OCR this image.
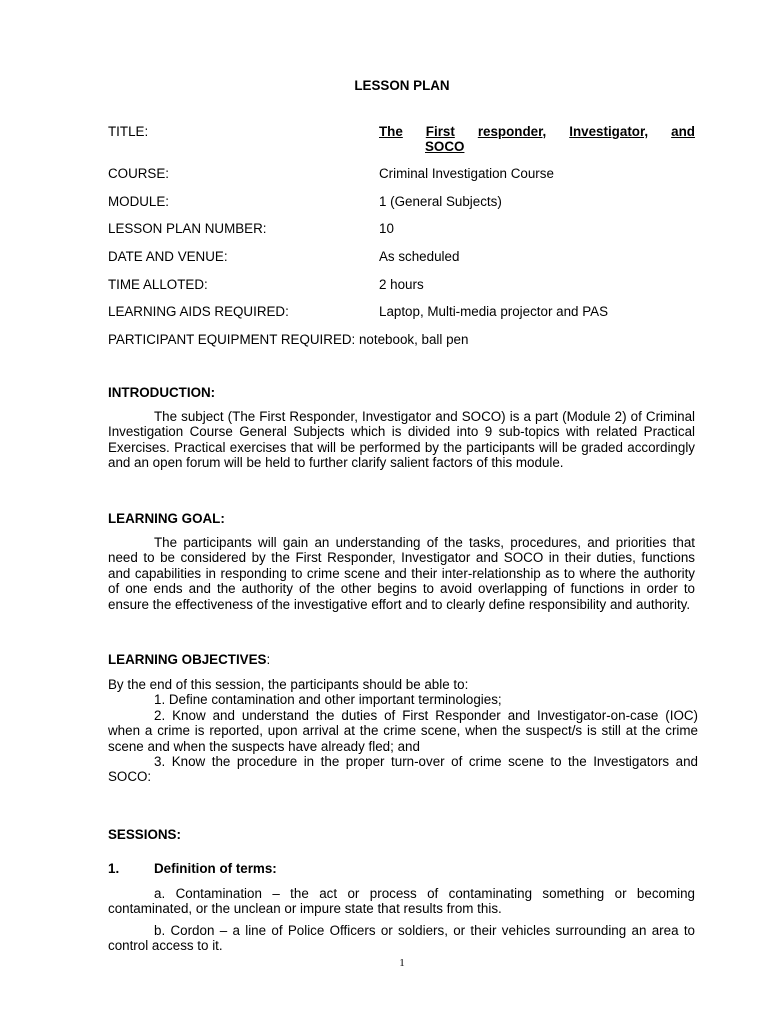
LESSON PLAN
TITLE:	The First responder, Investigator, and
SOCO
COURSE:	Criminal Investigation Course
MODULE:	1 (General Subjects)
LESSON PLAN NUMBER:	10
DATE AND VENUE:	As scheduled
TIME ALLOTED:	2 hours
LEARNING AIDS REQUIRED:	Laptop, Multi-media projector and PAS
PARTICIPANT EQUIPMENT REQUIRED: notebook, ball pen
INTRODUCTION:

The subject (The First Responder, Investigator and SOCO) is a part (Module 2) of Criminal Investigation Course General Subjects which is divided into 9 sub-topics with related Practical Exercises. Practical exercises that will be performed by the participants will be graded accordingly and an open forum will be held to further clarify salient factors of this module.

LEARNING GOAL:

The participants will gain an understanding of the tasks, procedures, and priorities that need to be considered by the First Responder, Investigator and SOCO in their duties, functions and capabilities in responding to crime scene and their inter-relationship as to where the authority of one ends and the authority of the other begins to avoid overlapping of functions in order to ensure the effectiveness of the investigative effort and to clearly define responsibility and authority.

LEARNING OBJECTIVES:
By the end of this session, the participants should be able to:
1. Define contamination and other important terminologies;
2. Know and understand the duties of First Responder and Investigator-on-case (IOC) when a crime is reported, upon arrival at the crime scene, when the suspect/s is still at the crime scene and when the suspects have already fled; and
3. Know the procedure in the proper turn-over of crime scene to the Investigators and SOCO:
SESSIONS:
1.	Definition of terms:

a. Contamination – the act or process of contaminating something or becoming contaminated, or the unclean or impure state that results from this.

b. Cordon – a line of Police Officers or soldiers, or their vehicles surrounding an area to control access to it.

1
